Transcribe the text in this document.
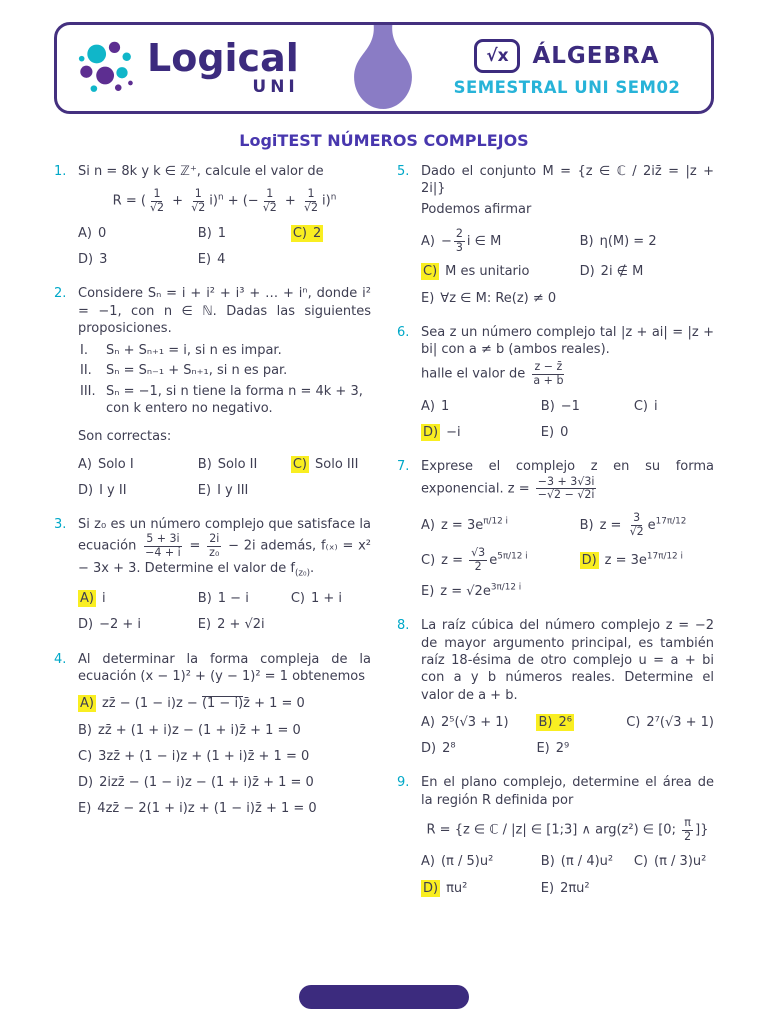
Logical
UNI
√x	ÁLGEBRA
SEMESTRAL UNI SEM02
LogiTEST NÚMEROS COMPLEJOS
1. Si n = 8k y k ∈ ℤ⁺, calcule el valor de
R = ( $\frac{1}{√2} + \frac{1}{√2} i)^n$ + (− $\frac{1}{√2} + \frac{1}{√2} i)^n$
A) 0	B) 1	C) 2
D) 3	E) 4
2. Considere Sₙ = i + i² + i³ + … + iⁿ, donde i² = −1, con n ∈ ℕ. Dadas las siguientes proposiciones.
I.	Sₙ + Sₙ₊₁ = i, si n es impar.
II.	Sₙ = Sₙ₋₁ + Sₙ₊₁, si n es par.
III. Sₙ = −1, si n tiene la forma n = 4k + 3, con k entero no negativo.
Son correctas:
A) Solo I	B) Solo II	C) Solo III
D) I y II	E) I y III
3. Si z₀ es un número complejo que satisface la ecuación $\frac{5 + 3i}{-4 + i} = \frac{2i}{\text{z₀}} - 2i$ además, f₍ₓ₎ = x² − 3x + 3. Determine el valor de $f_{(z_0)}$.
A) i	B) 1 − i	C) 1 + i
D) −2 + i	E) 2 + √2i
4. Al determinar la forma compleja de la ecuación (x − 1)² + (y − 1)² = 1 obtenemos
A) zz̄ − (1 − i)z − (1 − i)z̄ + 1 = 0
B) zz̄ + (1 + i)z − (1 + i)z̄ + 1 = 0
C) 3zz̄ + (1 − i)z + (1 + i)z̄ + 1 = 0
D) 2izz̄ − (1 − i)z − (1 + i)z̄ + 1 = 0
E) 4zz̄ − 2(1 + i)z + (1 − i)z̄ + 1 = 0
5. Dado el conjunto M = {z ∈ ℂ / 2iz̄ = |z + 2i|}
Podemos afirmar
$A) - \frac{2}{3}$ i ∈ M	B) η(M) = 2
C) M es unitario	D) 2i ∉ M
E) ∀z ∈ M: Re(z) ≠ 0
6. Sea z un número complejo tal |z + ai| = |z + bi| con a ≠ b (ambos reales).
halle el valor de $\frac{z - z̄}{a + b}$
A) 1	B) −1	C) i
D) −i	E) 0
7. Exprese el complejo z en su forma exponencial. $z = \frac{-3 + 3√3i}{-√2 - √2i}$
A) $z = 3e^{\pi/12 i}$	B) $z = \frac{3}{√2} e^{17\pi/12}$
C) $z = \frac{√3}{2} e^{5\pi/12 i}$	D) $z = 3e^{17\pi/12 i}$
E) $z = √2e^{3\pi/12 i}$
8. La raíz cúbica del número complejo z = −2 de mayor argumento principal, es también raíz 18-ésima de otro complejo u = a + bi con a y b números reales. Determine el valor de a + b.
A) 2⁵(√3 + 1)	B) 2⁶	C) 2⁷(√3 + 1)
D) 2⁸	E) 2⁹
9. En el plano complejo, determine el área de la región R definida por
R = {z ∈ ℂ / |z| ∈ [1;3] ∧ arg(z²) ∈ [0; $\frac{\pi}{2}$ ]}
A) (π / 5)u²	B) (π / 4)u²	C) (π / 3)u²
D) πu²	E) 2πu²
